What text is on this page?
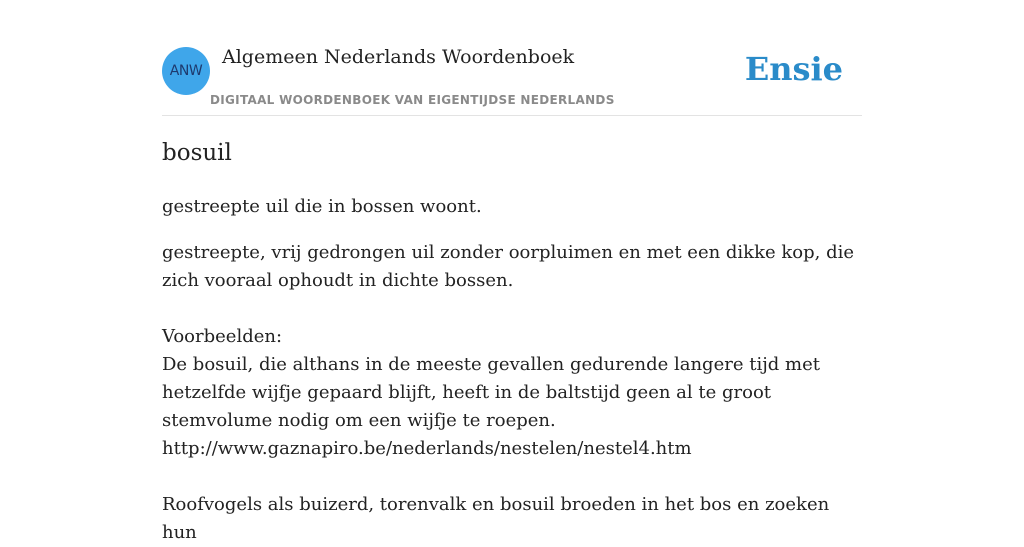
ANW
Algemeen Nederlands Woordenboek
DIGITAAL WOORDENBOEK VAN EIGENTIJDSE NEDERLANDS
Ensie
bosuil
gestreepte uil die in bossen woont.

gestreepte, vrij gedrongen uil zonder oorpluimen en met een dikke kop, die zich vooraal ophoudt in dichte bossen.

Voorbeelden:

De bosuil, die althans in de meeste gevallen gedurende langere tijd met hetzelfde wijfje gepaard blijft, heeft in de baltstijd geen al te groot stemvolume nodig om een wijfje te roepen.

http://www.gaznapiro.be/nederlands/nestelen/nestel4.htm

Roofvogels als buizerd, torenvalk en bosuil broeden in het bos en zoeken hun
